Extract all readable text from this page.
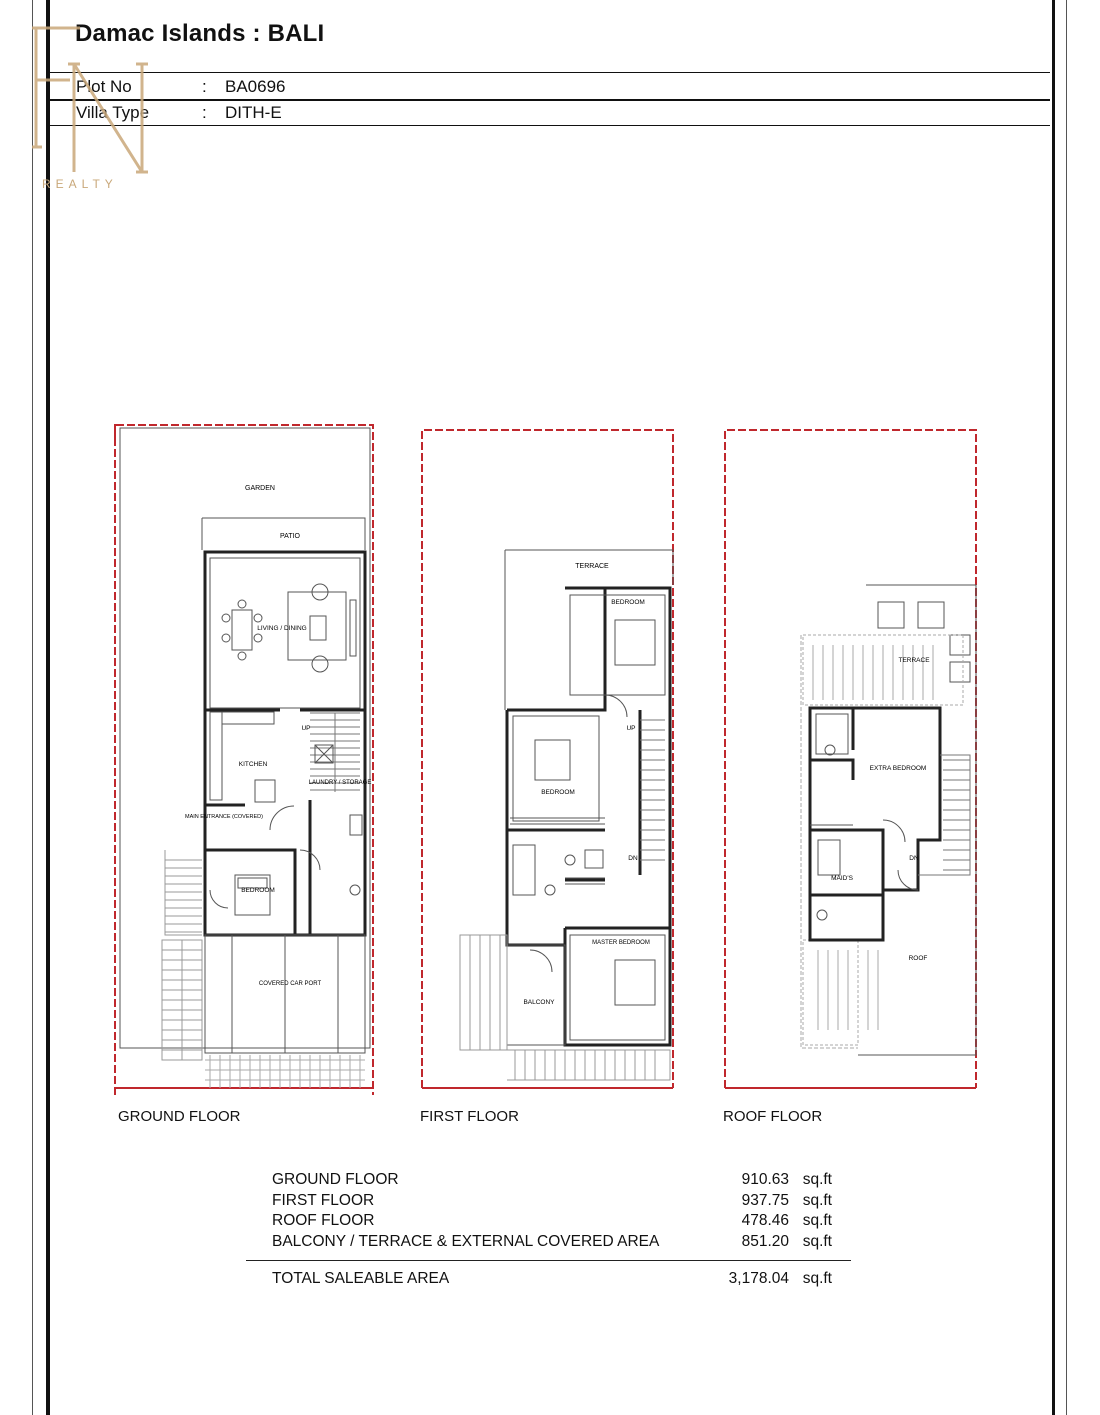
Damac Islands : BALI
Plot No	: BA0696
Villa Type	: DITH-E
REALTY
GARDEN
PATIO
LIVING / DINING
KITCHEN
UP
LAUNDRY / STORAGE
MAIN ENTRANCE (COVERED)
BEDROOM
COVERED CAR PORT
TERRACE
BEDROOM
UP
BEDROOM
DN
MASTER BEDROOM
BALCONY
TERRACE
EXTRA BEDROOM
DN
MAID'S
ROOF
GROUND FLOOR	FIRST FLOOR	ROOF FLOOR
GROUND FLOOR	910.63 sq.ft
FIRST FLOOR	937.75 sq.ft
ROOF FLOOR	478.46 sq.ft
BALCONY / TERRACE & EXTERNAL COVERED AREA	851.20 sq.ft
TOTAL SALEABLE AREA	3,178.04 sq.ft
